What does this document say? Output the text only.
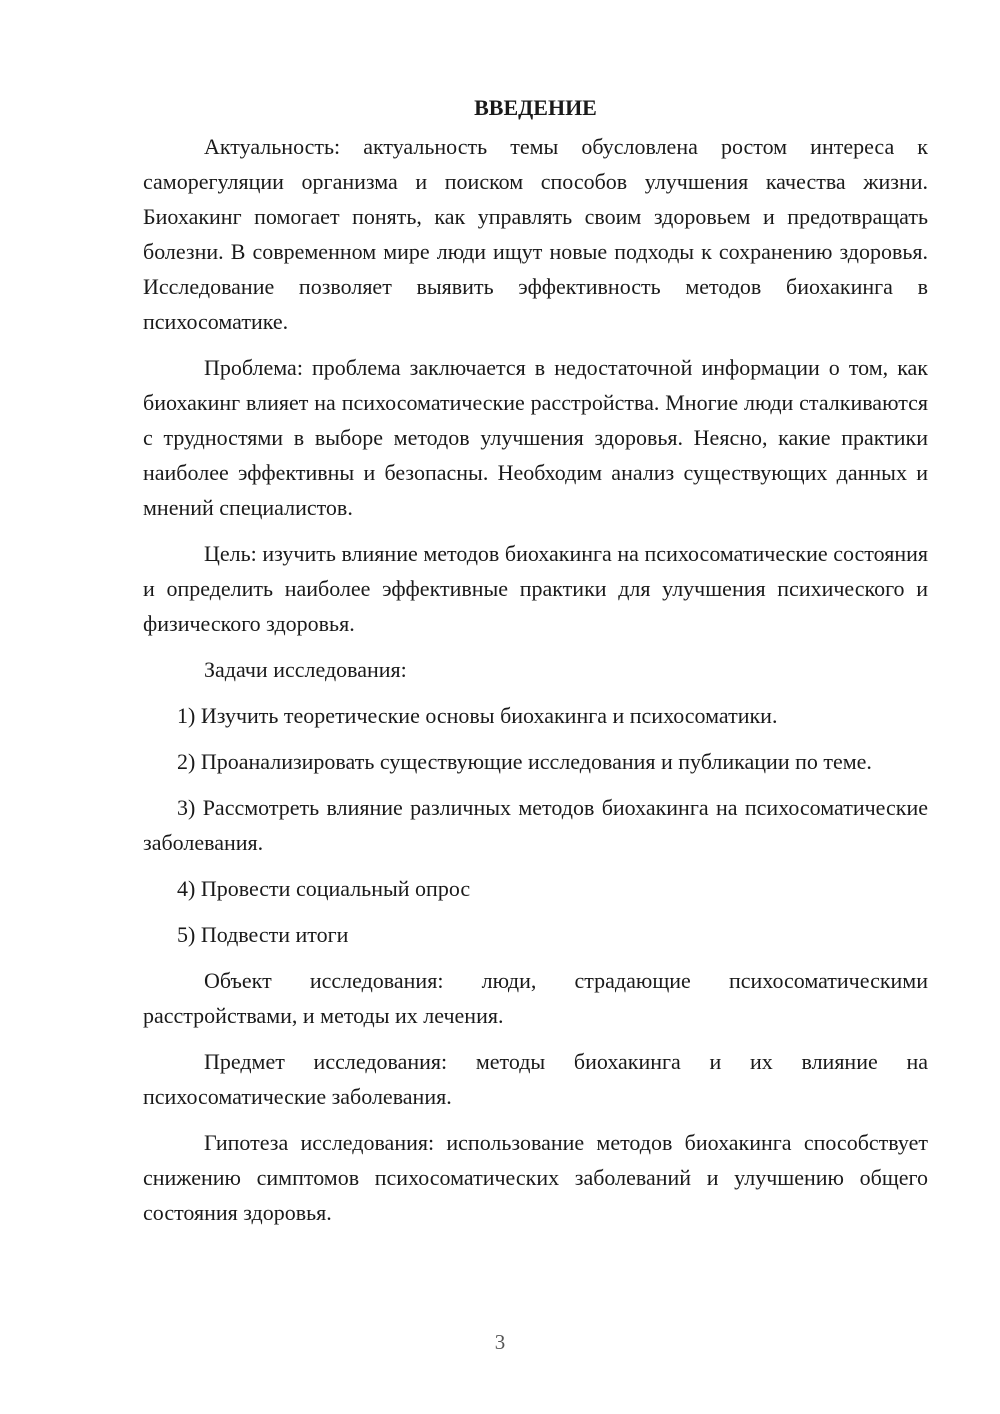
ВВЕДЕНИЕ

Актуальность: актуальность темы обусловлена ростом интереса к саморегуляции организма и поиском способов улучшения качества жизни. Биохакинг помогает понять, как управлять своим здоровьем и предотвращать болезни. В современном мире люди ищут новые подходы к сохранению здоровья. Исследование позволяет выявить эффективность методов биохакинга в психосоматике.

Проблема: проблема заключается в недостаточной информации о том, как биохакинг влияет на психосоматические расстройства. Многие люди сталкиваются с трудностями в выборе методов улучшения здоровья. Неясно, какие практики наиболее эффективны и безопасны. Необходим анализ существующих данных и мнений специалистов.

Цель: изучить влияние методов биохакинга на психосоматические состояния и определить наиболее эффективные практики для улучшения психического и физического здоровья.

Задачи исследования:

1) Изучить теоретические основы биохакинга и психосоматики.

2) Проанализировать существующие исследования и публикации по теме.

3) Рассмотреть влияние различных методов биохакинга на психосоматические заболевания.

4) Провести социальный опрос

5) Подвести итоги

Объект исследования: люди, страдающие психосоматическими расстройствами, и методы их лечения.

Предмет исследования: методы биохакинга и их влияние на психосоматические заболевания.

Гипотеза исследования: использование методов биохакинга способствует снижению симптомов психосоматических заболеваний и улучшению общего состояния здоровья.

3
